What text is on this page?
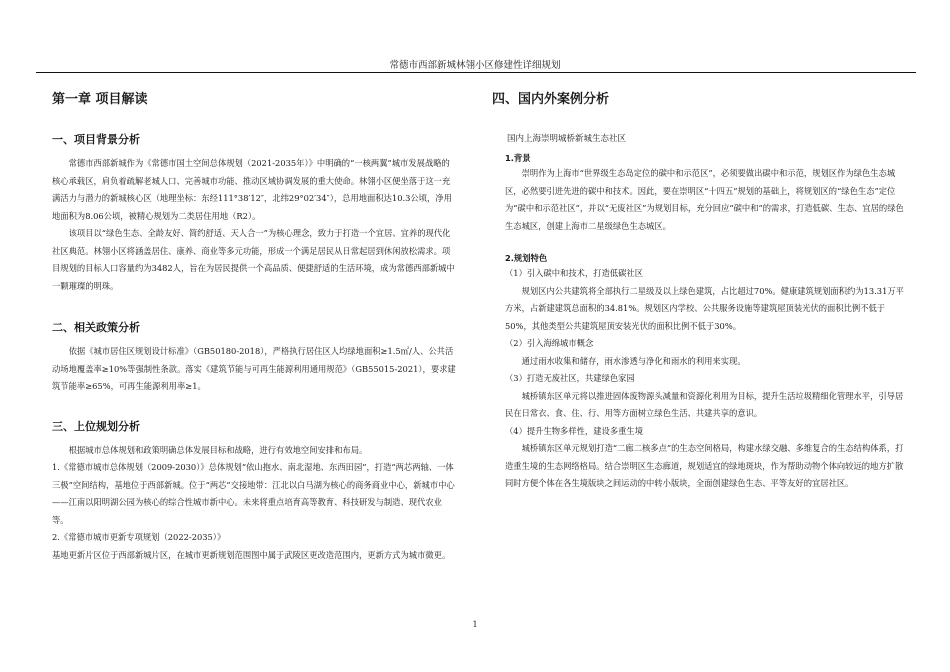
常德市西部新城林翎小区修建性详细规划
第一章 项目解读
一、项目背景分析

常德市西部新城作为《常德市国土空间总体规划（2021-2035年）》中明确的“一核两翼”城市发展战略的核心承载区，肩负着疏解老城人口、完善城市功能、推动区域协调发展的重大使命。林翎小区便坐落于这一充满活力与潜力的新城核心区（地理坐标：东经111°38′12″，北纬29°02′34″），总用地面积达10.3公顷，净用地面积为8.06公顷，被精心规划为二类居住用地（R2）。

该项目以“绿色生态、全龄友好、简约舒适、天人合一”为核心理念，致力于打造一个宜居、宜养的现代化社区典范。林翎小区将涵盖居住、康养、商业等多元功能，形成一个满足居民从日常起居到休闲放松需求。项目规划的目标人口容量约为3482人，旨在为居民提供一个高品质、便捷舒适的生活环境，成为常德西部新城中一颗璀璨的明珠。

二、相关政策分析

依据《城市居住区规划设计标准》（GB50180-2018），严格执行居住区人均绿地面积≥1.5㎡/人、公共活动场地覆盖率≥10%等强制性条款。落实《建筑节能与可再生能源利用通用规范》（GB55015-2021），要求建筑节能率≥65%，可再生能源利用率≥1。

三、上位规划分析

根据城市总体规划和政策明确总体发展目标和战略，进行有效地空间安排和布局。

1.《常德市城市总体规划（2009-2030）》总体规划“依山抱水、南北湿地、东西田园”，打造“两芯两轴、一体三极”空间结构，基地位于西部新城。位于“两芯”交接地带：江北以白马湖为核心的商务商业中心，新城市中心——江南以阳明湖公园为核心的综合性城市新中心。未来将重点培育高等教育、科技研发与制造、现代农业等。

2.《常德市城市更新专项规划（2022-2035）》

基地更新片区位于西部新城片区，在城市更新规划范围图中属于武陵区更改造范围内，更新方式为城市微更。

四、国内外案例分析
国内上海崇明城桥新城生态社区
1.背景

崇明作为上海市“世界级生态岛定位的碳中和示范区”，必须要做出碳中和示范，规划区作为绿色生态城区，必然要引进先进的碳中和技术。因此，要在崇明区“十四五”规划的基础上，将规划区的“绿色生态”定位为“碳中和示范社区”，并以“无废社区”为规划目标，充分回应“碳中和”的需求，打造低碳、生态、宜居的绿色生态城区，创建上海市二星级绿色生态城区。

2.规划特色

（1）引入碳中和技术，打造低碳社区

规划区内公共建筑将全部执行二星级及以上绿色建筑，占比超过70%。健康建筑规划面积约为13.31万平方米，占新建建筑总面积的34.81%。规划区内学校、公共服务设施等建筑屋顶装光伏的面积比例不低于50%，其他类型公共建筑屋顶安装光伏的面积比例不低于30%。

（2）引入海绵城市概念

通过雨水收集和储存，雨水渗透与净化和雨水的利用来实现。

（3）打造无废社区，共建绿色家园

城桥镇东区单元将以推进固体废物源头减量和资源化利用为目标，提升生活垃圾精细化管理水平，引导居民在日常衣、食、住、行、用等方面树立绿色生活、共建共享的意识。

（4）提升生物多样性，建设多重生境

城桥镇东区单元规划打造“二廊二核多点”的生态空间格局，构建水绿交融、多维复合的生态结构体系，打造重生境的生态网络格局。结合崇明区生态廊道，规划适宜的绿地斑块，作为帮助动物个体向较远的地方扩散同时方便个体在各生境版块之间运动的中转小版块，全面创建绿色生态、平等友好的宜居社区。

1
